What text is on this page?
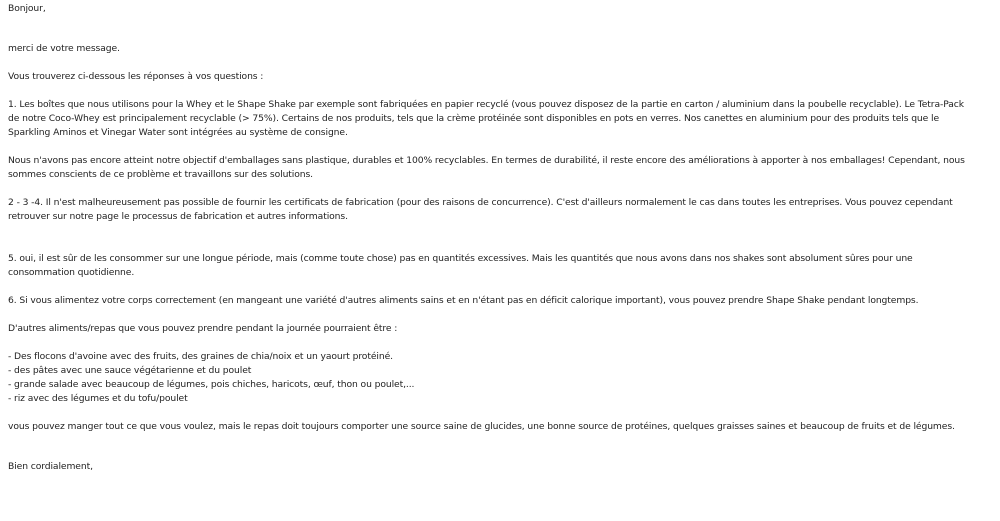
Bonjour,
merci de votre message.
Vous trouverez ci-dessous les réponses à vos questions :
1. Les boîtes que nous utilisons pour la Whey et le Shape Shake par exemple sont fabriquées en papier recyclé (vous pouvez disposez de la partie en carton / aluminium dans la poubelle recyclable). Le Tetra-Pack
de notre Coco-Whey est principalement recyclable (> 75%). Certains de nos produits, tels que la crème protéinée sont disponibles en pots en verres. Nos canettes en aluminium pour des produits tels que le
Sparkling Aminos et Vinegar Water sont intégrées au système de consigne.
Nous n'avons pas encore atteint notre objectif d'emballages sans plastique, durables et 100% recyclables. En termes de durabilité, il reste encore des améliorations à apporter à nos emballages! Cependant, nous
sommes conscients de ce problème et travaillons sur des solutions.
2 - 3 -4. Il n'est malheureusement pas possible de fournir les certificats de fabrication (pour des raisons de concurrence). C'est d'ailleurs normalement le cas dans toutes les entreprises. Vous pouvez cependant
retrouver sur notre page le processus de fabrication et autres informations.
5. oui, il est sûr de les consommer sur une longue période, mais (comme toute chose) pas en quantités excessives. Mais les quantités que nous avons dans nos shakes sont absolument sûres pour une
consommation quotidienne.
6. Si vous alimentez votre corps correctement (en mangeant une variété d'autres aliments sains et en n'étant pas en déficit calorique important), vous pouvez prendre Shape Shake pendant longtemps.
D'autres aliments/repas que vous pouvez prendre pendant la journée pourraient être :
- Des flocons d'avoine avec des fruits, des graines de chia/noix et un yaourt protéiné.
- des pâtes avec une sauce végétarienne et du poulet
- grande salade avec beaucoup de légumes, pois chiches, haricots, œuf, thon ou poulet,...
- riz avec des légumes et du tofu/poulet
vous pouvez manger tout ce que vous voulez, mais le repas doit toujours comporter une source saine de glucides, une bonne source de protéines, quelques graisses saines et beaucoup de fruits et de légumes.
Bien cordialement,
